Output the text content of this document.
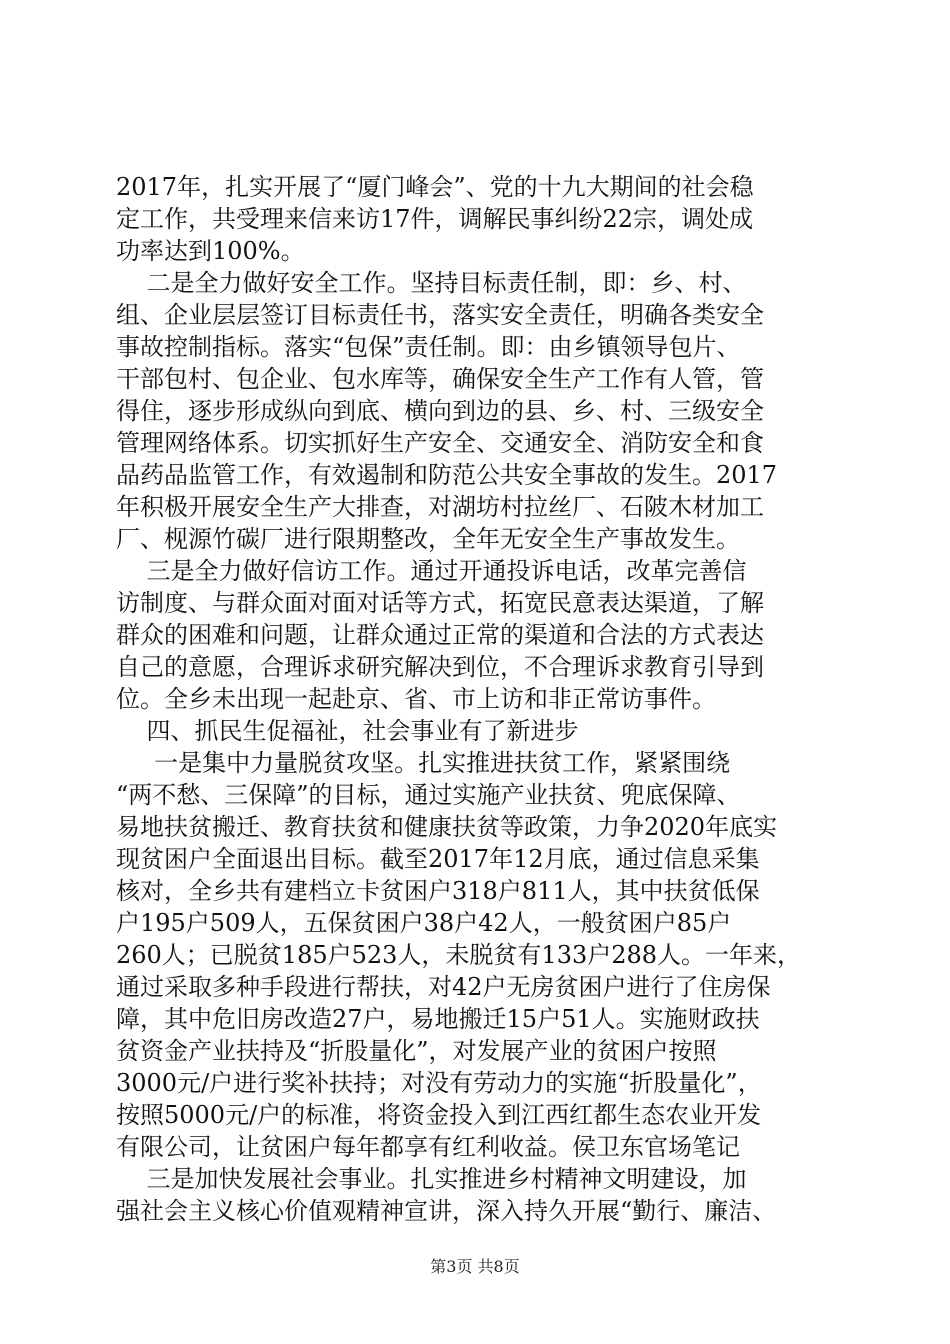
2017年，扎实开展了“厦门峰会”、党的十九大期间的社会稳
定工作，共受理来信来访17件，调解民事纠纷22宗，调处成
功率达到100%。
二是全力做好安全工作。坚持目标责任制，即：乡、村、
组、企业层层签订目标责任书，落实安全责任，明确各类安全
事故控制指标。落实“包保”责任制。即：由乡镇领导包片、
干部包村、包企业、包水库等，确保安全生产工作有人管，管
得住，逐步形成纵向到底、横向到边的县、乡、村、三级安全
管理网络体系。切实抓好生产安全、交通安全、消防安全和食
品药品监管工作，有效遏制和防范公共安全事故的发生。2017
年积极开展安全生产大排查，对湖坊村拉丝厂、石陂木材加工
厂、枧源竹碳厂进行限期整改，全年无安全生产事故发生。
三是全力做好信访工作。通过开通投诉电话，改革完善信
访制度、与群众面对面对话等方式，拓宽民意表达渠道，了解
群众的困难和问题，让群众通过正常的渠道和合法的方式表达
自己的意愿，合理诉求研究解决到位，不合理诉求教育引导到
位。全乡未出现一起赴京、省、市上访和非正常访事件。
四、抓民生促福祉，社会事业有了新进步
一是集中力量脱贫攻坚。扎实推进扶贫工作，紧紧围绕
“两不愁、三保障”的目标，通过实施产业扶贫、兜底保障、
易地扶贫搬迁、教育扶贫和健康扶贫等政策，力争2020年底实
现贫困户全面退出目标。截至2017年12月底，通过信息采集
核对，全乡共有建档立卡贫困户318户811人，其中扶贫低保
户195户509人，五保贫困户38户42人，一般贫困户85户
260人；已脱贫185户523人，未脱贫有133户288人。一年来，
通过采取多种手段进行帮扶，对42户无房贫困户进行了住房保
障，其中危旧房改造27户，易地搬迁15户51人。实施财政扶
贫资金产业扶持及“折股量化”，对发展产业的贫困户按照
3000元/户进行奖补扶持；对没有劳动力的实施“折股量化”，
按照5000元/户的标准，将资金投入到江西红都生态农业开发
有限公司，让贫困户每年都享有红利收益。侯卫东官场笔记
三是加快发展社会事业。扎实推进乡村精神文明建设，加
强社会主义核心价值观精神宣讲，深入持久开展“勤行、廉洁、
第3页 共8页
